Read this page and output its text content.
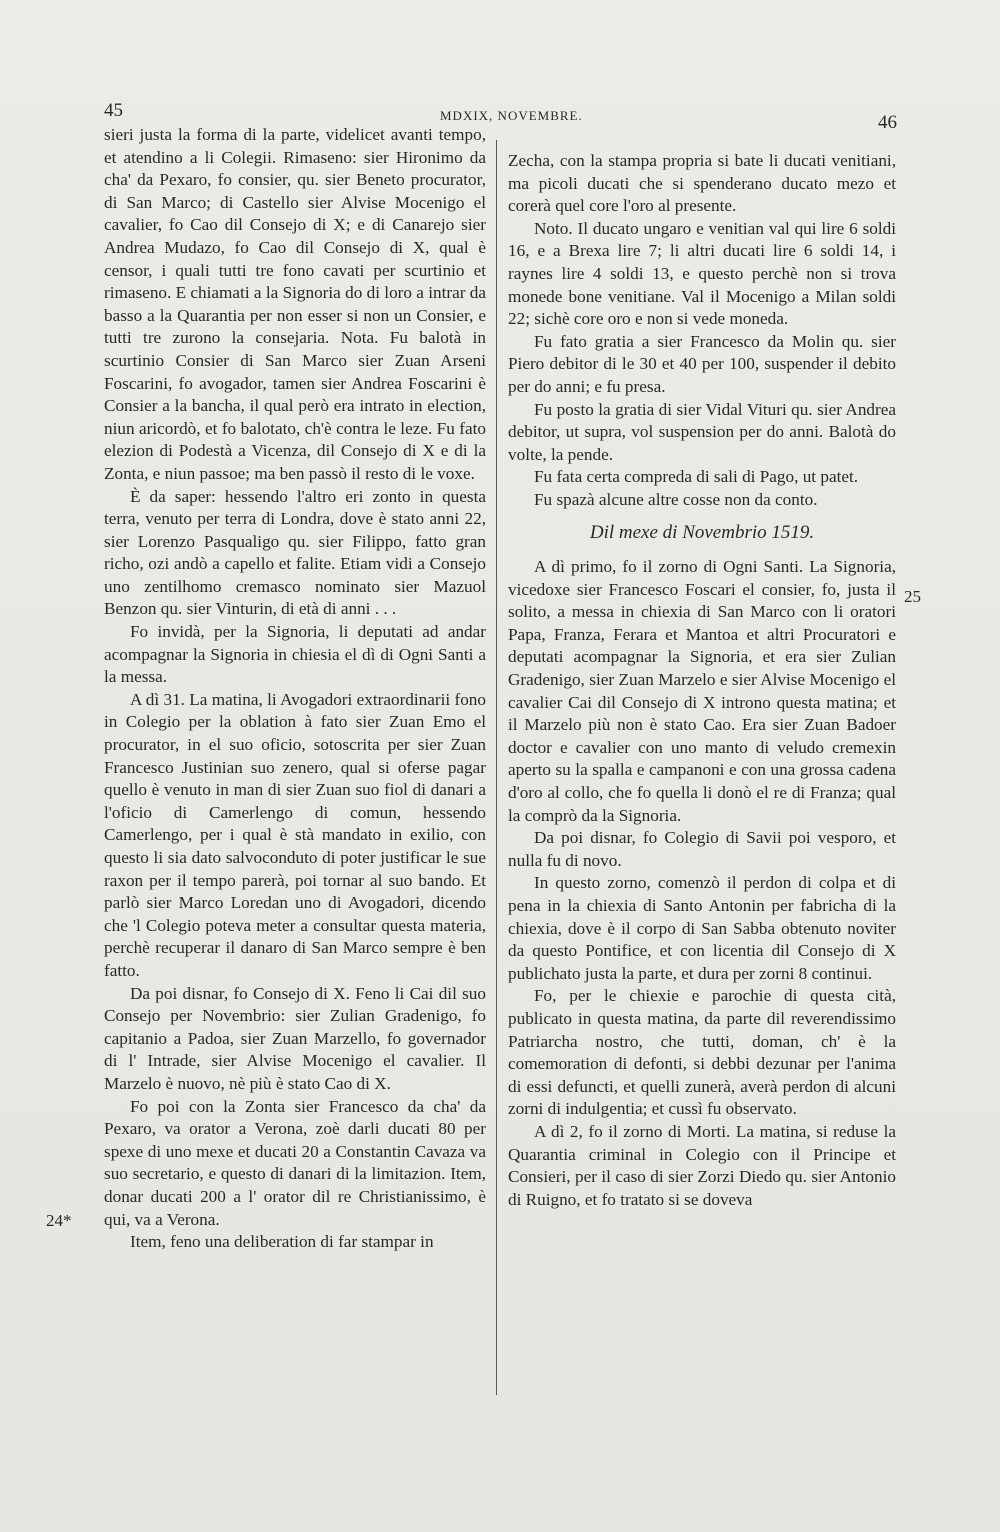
45	MDXIX, NOVEMBRE.	46

sieri justa la forma di la parte, videlicet avanti tempo, et atendino a li Colegii. Rimaseno: sier Hironimo da cha' da Pexaro, fo consier, qu. sier Beneto procurator, di San Marco; di Castello sier Alvise Mocenigo el cavalier, fo Cao dil Consejo di X; e di Canarejo sier Andrea Mudazo, fo Cao dil Consejo di X, qual è censor, i quali tutti tre fono cavati per scurtinio et rimaseno. E chiamati a la Signoria do di loro a intrar da basso a la Quarantia per non esser si non un Consier, e tutti tre zurono la consejaria. Nota. Fu balotà in scurtinio Consier di San Marco sier Zuan Arseni Foscarini, fo avogador, tamen sier Andrea Foscarini è Consier a la bancha, il qual però era intrato in election, niun aricordò, et fo balotato, ch'è contra le leze. Fu fato elezion di Podestà a Vicenza, dil Consejo di X e di la Zonta, e niun passoe; ma ben passò il resto di le voxe.

È da saper: hessendo l'altro eri zonto in questa terra, venuto per terra di Londra, dove è stato anni 22, sier Lorenzo Pasqualigo qu. sier Filippo, fatto gran richo, ozi andò a capello et falite. Etiam vidi a Consejo uno zentilhomo cremasco nominato sier Mazuol Benzon qu. sier Vinturin, di età di anni . . .

Fo invidà, per la Signoria, li deputati ad andar acompagnar la Signoria in chiesia el dì di Ogni Santi a la messa.

A dì 31. La matina, li Avogadori extraordinarii fono in Colegio per la oblation à fato sier Zuan Emo el procurator, in el suo oficio, sotoscrita per sier Zuan Francesco Justinian suo zenero, qual si oferse pagar quello è venuto in man di sier Zuan suo fiol di danari a l'oficio di Camerlengo di comun, hessendo Camerlengo, per i qual è stà mandato in exilio, con questo li sia dato salvoconduto di poter justificar le sue raxon per il tempo parerà, poi tornar al suo bando. Et parlò sier Marco Loredan uno di Avogadori, dicendo che 'l Colegio poteva meter a consultar questa materia, perchè recuperar il danaro di San Marco sempre è ben fatto.

Da poi disnar, fo Consejo di X. Feno li Cai dil suo Consejo per Novembrio: sier Zulian Gradenigo, fo capitanio a Padoa, sier Zuan Marzello, fo governador di l' Intrade, sier Alvise Mocenigo el cavalier. Il Marzelo è nuovo, nè più è stato Cao di X.

Fo poi con la Zonta sier Francesco da cha' da Pexaro, va orator a Verona, zoè darli ducati 80 per spexe di uno mexe et ducati 20 a Constantin Cavaza va suo secretario, e questo di danari di la limitazion. Item, donar ducati 200 a l' orator dil re Christianissimo, è qui, va a Verona.

Item, feno una deliberation di far stampar in

Zecha, con la stampa propria si bate li ducati venitiani, ma picoli ducati che si spenderano ducato mezo et corerà quel core l'oro al presente.

Noto. Il ducato ungaro e venitian val qui lire 6 soldi 16, e a Brexa lire 7; li altri ducati lire 6 soldi 14, i raynes lire 4 soldi 13, e questo perchè non si trova monede bone venitiane. Val il Mocenigo a Milan soldi 22; sichè core oro e non si vede moneda.

Fu fato gratia a sier Francesco da Molin qu. sier Piero debitor di le 30 et 40 per 100, suspender il debito per do anni; e fu presa.

Fu posto la gratia di sier Vidal Vituri qu. sier Andrea debitor, ut supra, vol suspension per do anni. Balotà do volte, la pende.

Fu fata certa compreda di sali di Pago, ut patet.

Fu spazà alcune altre cosse non da conto.

Dil mexe di Novembrio 1519.

A dì primo, fo il zorno di Ogni Santi. La Signoria, vicedoxe sier Francesco Foscari el consier, fo, justa il solito, a messa in chiexia di San Marco con li oratori Papa, Franza, Ferara et Mantoa et altri Procuratori e deputati acompagnar la Signoria, et era sier Zulian Gradenigo, sier Zuan Marzelo e sier Alvise Mocenigo el cavalier Cai dil Consejo di X introno questa matina; et il Marzelo più non è stato Cao. Era sier Zuan Badoer doctor e cavalier con uno manto di veludo cremexin aperto su la spalla e campanoni e con una grossa cadena d'oro al collo, che fo quella li donò el re di Franza; qual la comprò da la Signoria.

Da poi disnar, fo Colegio di Savii poi vesporo, et nulla fu di novo.

In questo zorno, comenzò il perdon di colpa et di pena in la chiexia di Santo Antonin per fabricha di la chiexia, dove è il corpo di San Sabba obtenuto noviter da questo Pontifice, et con licentia dil Consejo di X publichato justa la parte, et dura per zorni 8 continui.

Fo, per le chiexie e parochie di questa cità, publicato in questa matina, da parte dil reverendissimo Patriarcha nostro, che tutti, doman, ch' è la comemoration di defonti, si debbi dezunar per l'anima di essi defuncti, et quelli zunerà, averà perdon di alcuni zorni di indulgentia; et cussì fu observato.

A dì 2, fo il zorno di Morti. La matina, si reduse la Quarantia criminal in Colegio con il Principe et Consieri, per il caso di sier Zorzi Diedo qu. sier Antonio di Ruigno, et fo tratato si se doveva

24*
25
